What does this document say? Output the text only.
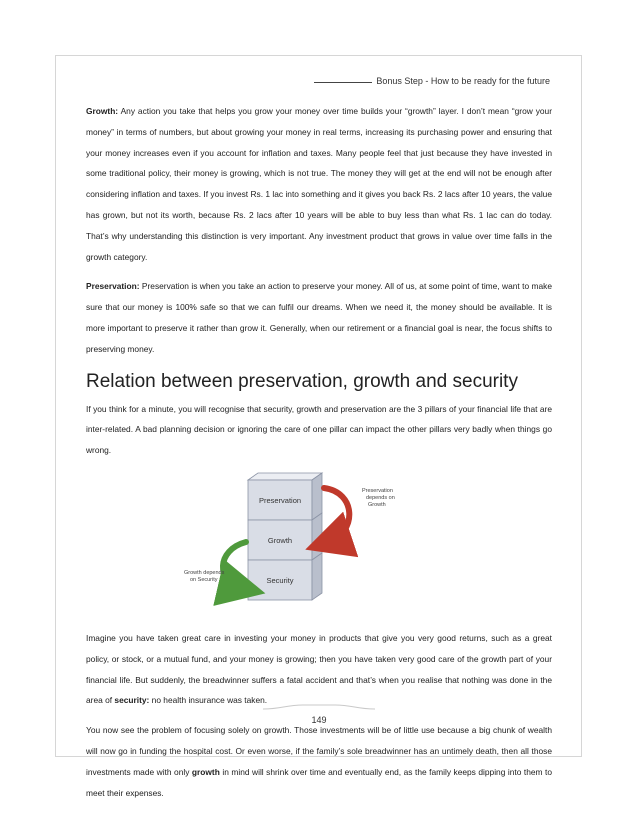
Bonus Step - How to be ready for the future

Growth: Any action you take that helps you grow your money over time builds your “growth” layer. I don’t mean “grow your money” in terms of numbers, but about growing your money in real terms, increasing its purchasing power and ensuring that your money increases even if you account for inflation and taxes. Many people feel that just because they have invested in some traditional policy, their money is growing, which is not true. The money they will get at the end will not be enough after considering inflation and taxes. If you invest Rs. 1 lac into something and it gives you back Rs. 2 lacs after 10 years, the value has grown, but not its worth, because Rs. 2 lacs after 10 years will be able to buy less than what Rs. 1 lac can do today. That’s why understanding this distinction is very important. Any investment product that grows in value over time falls in the growth category.

Preservation: Preservation is when you take an action to preserve your money. All of us, at some point of time, want to make sure that our money is 100% safe so that we can fulfil our dreams. When we need it, the money should be available. It is more important to preserve it rather than grow it. Generally, when our retirement or a financial goal is near, the focus shifts to preserving money.

Relation between preservation, growth and security

If you think for a minute, you will recognise that security, growth and preservation are the 3 pillars of your financial life that are inter-related. A bad planning decision or ignoring the care of one pillar can impact the other pillars very badly when things go wrong.

Preservation
Growth
Security
Preservation
depends on
Growth
Growth depends
on Security

Imagine you have taken great care in investing your money in products that give you very good returns, such as a great policy, or stock, or a mutual fund, and your money is growing; then you have taken very good care of the growth part of your financial life. But suddenly, the breadwinner suffers a fatal accident and that’s when you realise that nothing was done in the area of security: no health insurance was taken.

You now see the problem of focusing solely on growth. Those investments will be of little use because a big chunk of wealth will now go in funding the hospital cost. Or even worse, if the family’s sole breadwinner has an untimely death, then all those investments made with only growth in mind will shrink over time and eventually end, as the family keeps dipping into them to meet their expenses.

149
